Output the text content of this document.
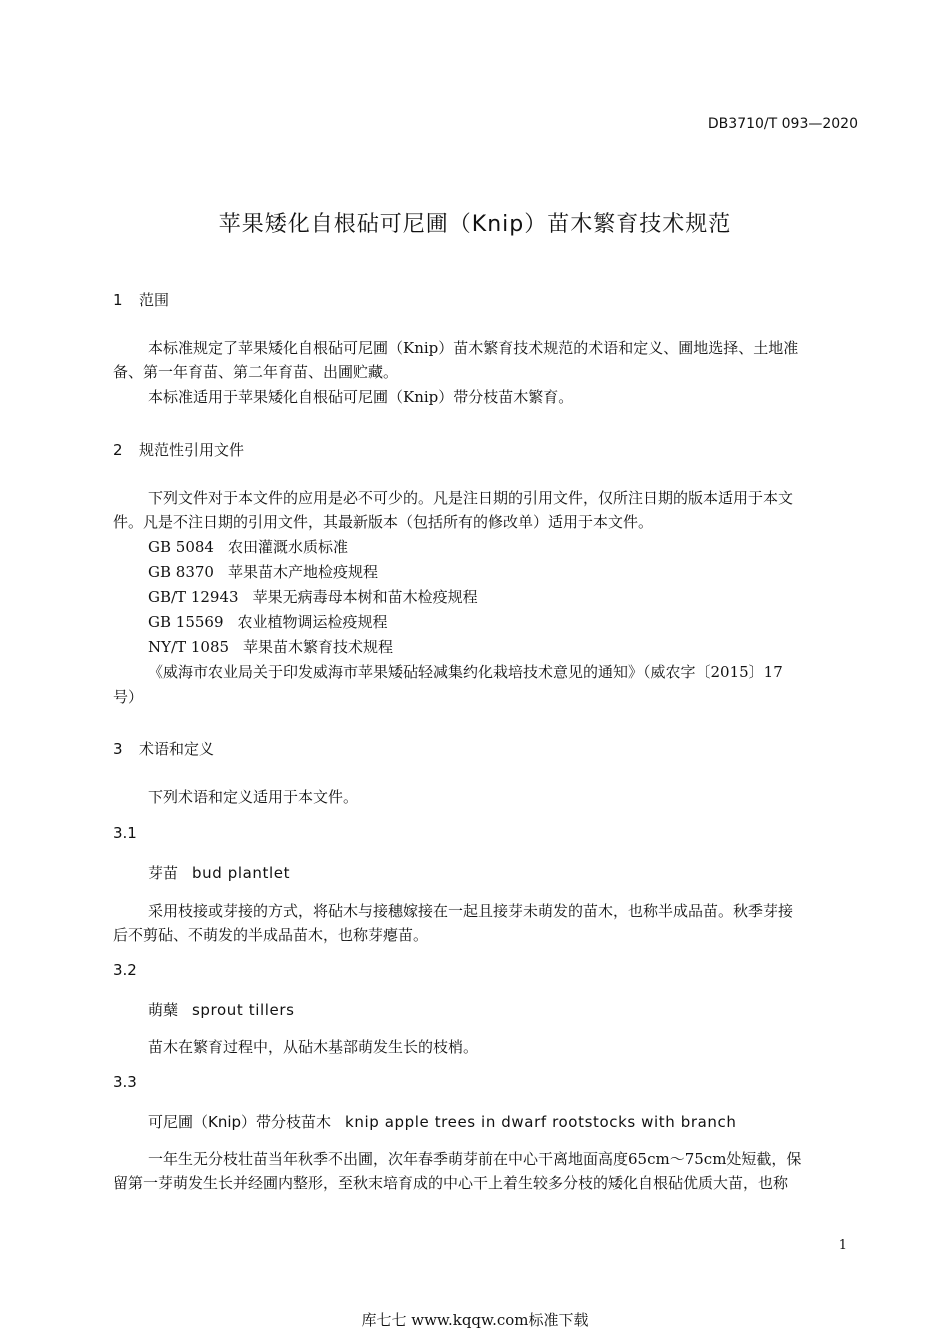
DB3710/T 093—2020
苹果矮化自根砧可尼圃（Knip）苗木繁育技术规范
1 范围
本标准规定了苹果矮化自根砧可尼圃（Knip）苗木繁育技术规范的术语和定义、圃地选择、土地准
备、第一年育苗、第二年育苗、出圃贮藏。
本标准适用于苹果矮化自根砧可尼圃（Knip）带分枝苗木繁育。
2 规范性引用文件
下列文件对于本文件的应用是必不可少的。凡是注日期的引用文件，仅所注日期的版本适用于本文
件。凡是不注日期的引用文件，其最新版本（包括所有的修改单）适用于本文件。
GB 5084 农田灌溉水质标准
GB 8370 苹果苗木产地检疫规程
GB/T 12943 苹果无病毒母本树和苗木检疫规程
GB 15569 农业植物调运检疫规程
NY/T 1085 苹果苗木繁育技术规程
《威海市农业局关于印发威海市苹果矮砧轻减集约化栽培技术意见的通知》（威农字〔2015〕17
号）
3 术语和定义
下列术语和定义适用于本文件。
3.1
芽苗 bud plantlet
采用枝接或芽接的方式，将砧木与接穗嫁接在一起且接芽未萌发的苗木，也称半成品苗。秋季芽接
后不剪砧、不萌发的半成品苗木，也称芽瘪苗。
3.2
萌蘖 sprout tillers
苗木在繁育过程中，从砧木基部萌发生长的枝梢。
3.3
可尼圃（Knip）带分枝苗木 knip apple trees in dwarf rootstocks with branch
一年生无分枝壮苗当年秋季不出圃，次年春季萌芽前在中心干离地面高度65cm～75cm处短截，保
留第一芽萌发生长并经圃内整形，至秋末培育成的中心干上着生较多分枝的矮化自根砧优质大苗，也称
1
库七七 www.kqqw.com标准下载
